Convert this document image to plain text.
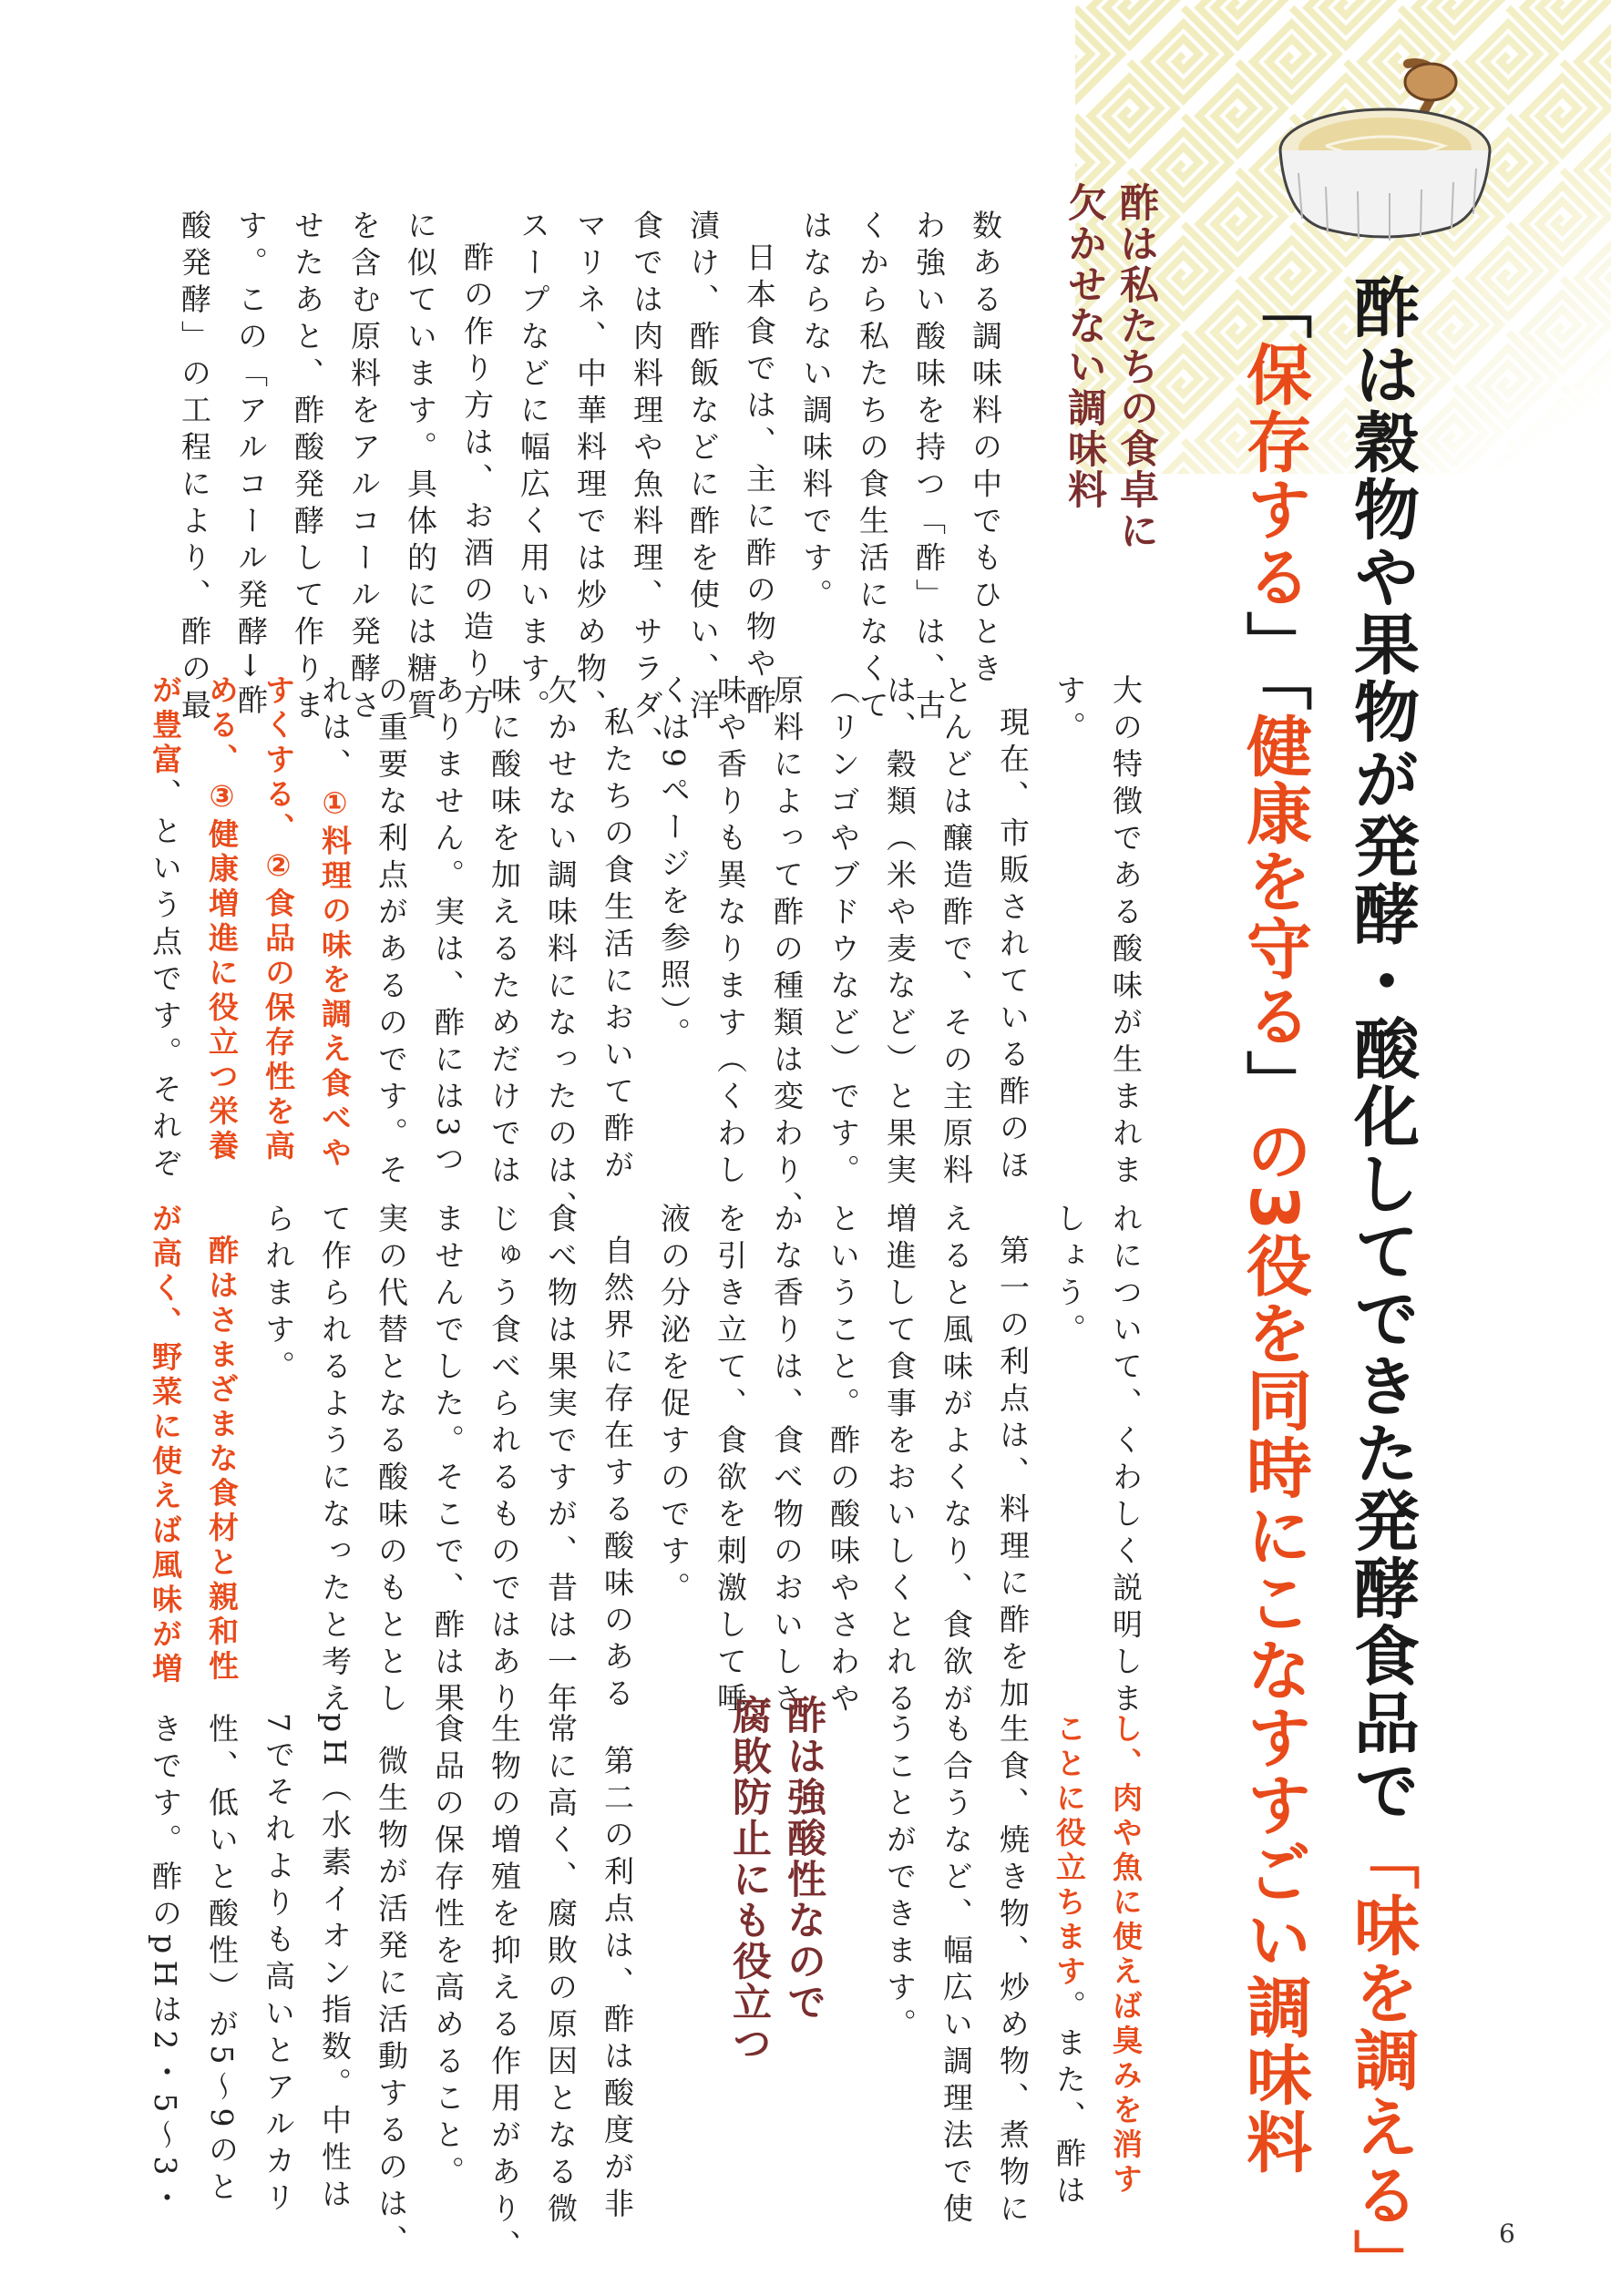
酢は穀物や果物が発酵・酸化してできた発酵食品で「味を調える」
「保存する」「健康を守る」の3役を同時にこなすすごい調味料
酢は私たちの食卓に
欠かせない調味料
数ある調味料の中でもひとき
わ強い酸味を持つ「酢」は、古
くから私たちの食生活になくて
はならない調味料です。
日本食では、主に酢の物や酢
漬け、酢飯などに酢を使い、洋
食では肉料理や魚料理、サラダ、
マリネ、中華料理では炒め物、
スープなどに幅広く用います。
酢の作り方は、お酒の造り方
に似ています。具体的には糖質
を含む原料をアルコール発酵さ
せたあと、酢酸発酵して作りま
す。この「アルコール発酵→酢
酸発酵」の工程により、酢の最
大の特徴である酸味が生まれま
す。
現在、市販されている酢のほ
とんどは醸造酢で、その主原料
は、穀類（米や麦など）と果実
（リンゴやブドウなど）です。
原料によって酢の種類は変わり、
味や香りも異なります（くわし
くは9ページを参照）。
私たちの食生活において酢が
欠かせない調味料になったのは、
味に酸味を加えるためだけでは
ありません。実は、酢には3つ
の重要な利点があるのです。そ
れは、①料理の味を調え食べや
すくする、②食品の保存性を高
める、③健康増進に役立つ栄養
が豊富、という点です。それぞ
れについて、くわしく説明しま
しょう。
第一の利点は、料理に酢を加
えると風味がよくなり、食欲が
増進して食事をおいしくとれる
ということ。酢の酸味やさわや
かな香りは、食べ物のおいしさ
を引き立て、食欲を刺激して唾
液の分泌を促すのです。
自然界に存在する酸味のある
食べ物は果実ですが、昔は一年
じゅう食べられるものではあり
ませんでした。そこで、酢は果
実の代替となる酸味のもととし
て作られるようになったと考え
られます。
酢はさまざまな食材と親和性
が高く、野菜に使えば風味が増
し、肉や魚に使えば臭みを消す
ことに役立ちます。また、酢は
生食、焼き物、炒め物、煮物に
も合うなど、幅広い調理法で使
うことができます。
酢は強酸性なので
腐敗防止にも役立つ
第二の利点は、酢は酸度が非
常に高く、腐敗の原因となる微
生物の増殖を抑える作用があり、
食品の保存性を高めること。
微生物が活発に活動するのは、
pH（水素イオン指数。中性は
7でそれよりも高いとアルカリ
性、低いと酸性）が5〜9のと
きです。酢のpHは2・5〜3・
6
